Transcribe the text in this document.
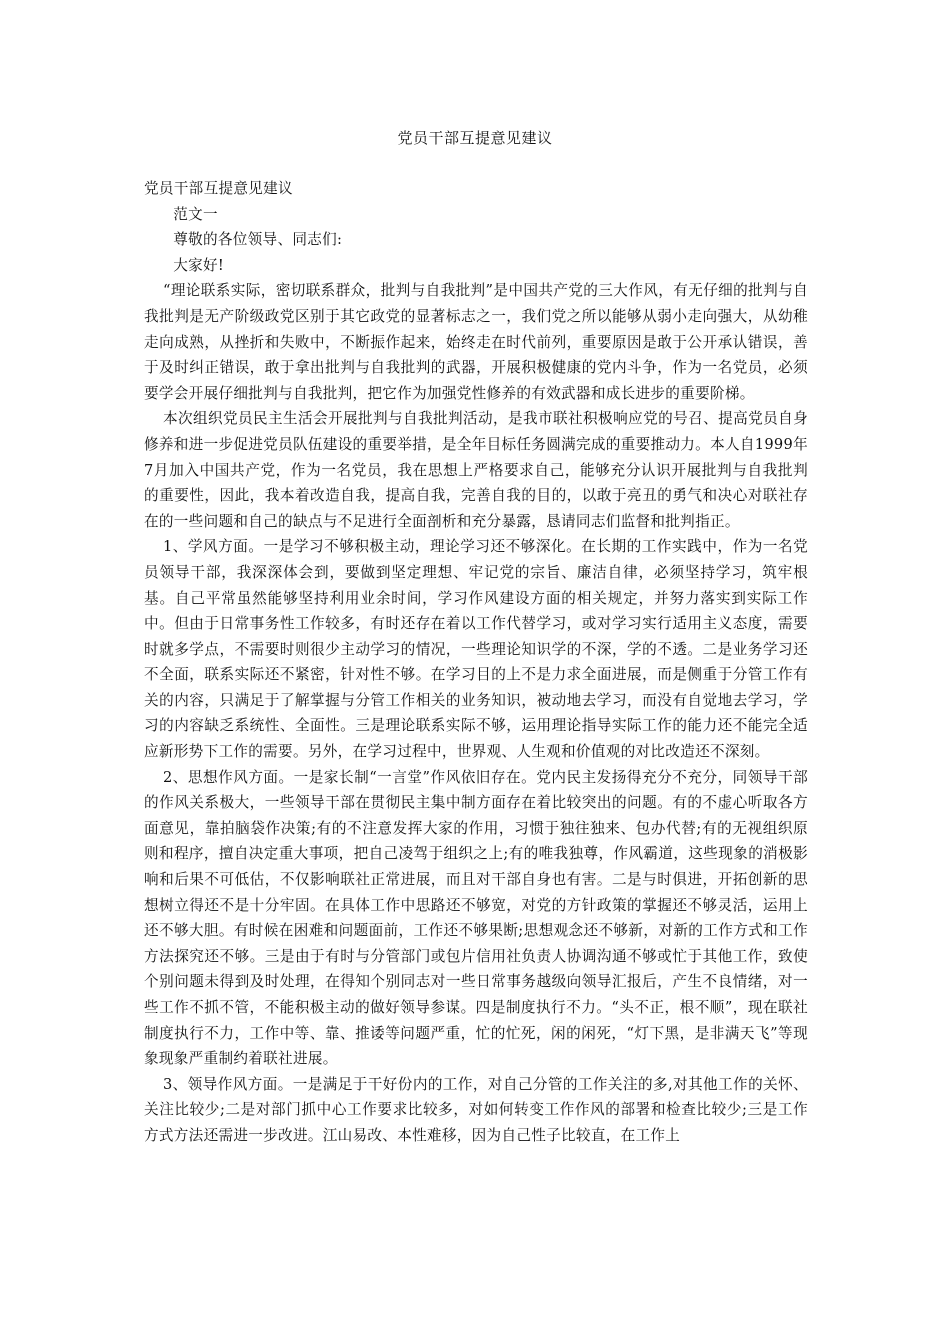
党员干部互提意见建议

党员干部互提意见建议

范文一

尊敬的各位领导、同志们:

大家好!

“理论联系实际，密切联系群众，批判与自我批判”是中国共产党的三大作风，有无仔细的批判与自我批判是无产阶级政党区别于其它政党的显著标志之一，我们党之所以能够从弱小走向强大，从幼稚走向成熟，从挫折和失败中，不断振作起来，始终走在时代前列，重要原因是敢于公开承认错误，善于及时纠正错误，敢于拿出批判与自我批判的武器，开展积极健康的党内斗争，作为一名党员，必须要学会开展仔细批判与自我批判，把它作为加强党性修养的有效武器和成长进步的重要阶梯。

本次组织党员民主生活会开展批判与自我批判活动，是我市联社积极响应党的号召、提高党员自身修养和进一步促进党员队伍建设的重要举措，是全年目标任务圆满完成的重要推动力。本人自1999年7月加入中国共产党，作为一名党员，我在思想上严格要求自己，能够充分认识开展批判与自我批判的重要性，因此，我本着改造自我，提高自我，完善自我的目的，以敢于亮丑的勇气和决心对联社存在的一些问题和自己的缺点与不足进行全面剖析和充分暴露，恳请同志们监督和批判指正。

1、学风方面。一是学习不够积极主动，理论学习还不够深化。在长期的工作实践中，作为一名党员领导干部，我深深体会到，要做到坚定理想、牢记党的宗旨、廉洁自律，必须坚持学习，筑牢根基。自己平常虽然能够坚持利用业余时间，学习作风建设方面的相关规定，并努力落实到实际工作中。但由于日常事务性工作较多，有时还存在着以工作代替学习，或对学习实行适用主义态度，需要时就多学点，不需要时则很少主动学习的情况，一些理论知识学的不深，学的不透。二是业务学习还不全面，联系实际还不紧密，针对性不够。在学习目的上不是力求全面进展，而是侧重于分管工作有关的内容，只满足于了解掌握与分管工作相关的业务知识，被动地去学习，而没有自觉地去学习，学习的内容缺乏系统性、全面性。三是理论联系实际不够，运用理论指导实际工作的能力还不能完全适应新形势下工作的需要。另外，在学习过程中，世界观、人生观和价值观的对比改造还不深刻。

2、思想作风方面。一是家长制“一言堂”作风依旧存在。党内民主发扬得充分不充分，同领导干部的作风关系极大，一些领导干部在贯彻民主集中制方面存在着比较突出的问题。有的不虚心听取各方面意见，靠拍脑袋作决策;有的不注意发挥大家的作用，习惯于独往独来、包办代替;有的无视组织原则和程序，擅自决定重大事项，把自己凌驾于组织之上;有的唯我独尊，作风霸道，这些现象的消极影响和后果不可低估，不仅影响联社正常进展，而且对干部自身也有害。二是与时俱进，开拓创新的思想树立得还不是十分牢固。在具体工作中思路还不够宽，对党的方针政策的掌握还不够灵活，运用上还不够大胆。有时候在困难和问题面前，工作还不够果断;思想观念还不够新，对新的工作方式和工作方法探究还不够。三是由于有时与分管部门或包片信用社负责人协调沟通不够或忙于其他工作，致使个别问题未得到及时处理，在得知个别同志对一些日常事务越级向领导汇报后，产生不良情绪，对一些工作不抓不管，不能积极主动的做好领导参谋。四是制度执行不力。“头不正，根不顺”，现在联社制度执行不力，工作中等、靠、推诿等问题严重，忙的忙死，闲的闲死，“灯下黑，是非满天飞”等现象现象严重制约着联社进展。

3、领导作风方面。一是满足于干好份内的工作，对自己分管的工作关注的多,对其他工作的关怀、关注比较少;二是对部门抓中心工作要求比较多，对如何转变工作作风的部署和检查比较少;三是工作方式方法还需进一步改进。江山易改、本性难移，因为自己性子比较直，在工作上
